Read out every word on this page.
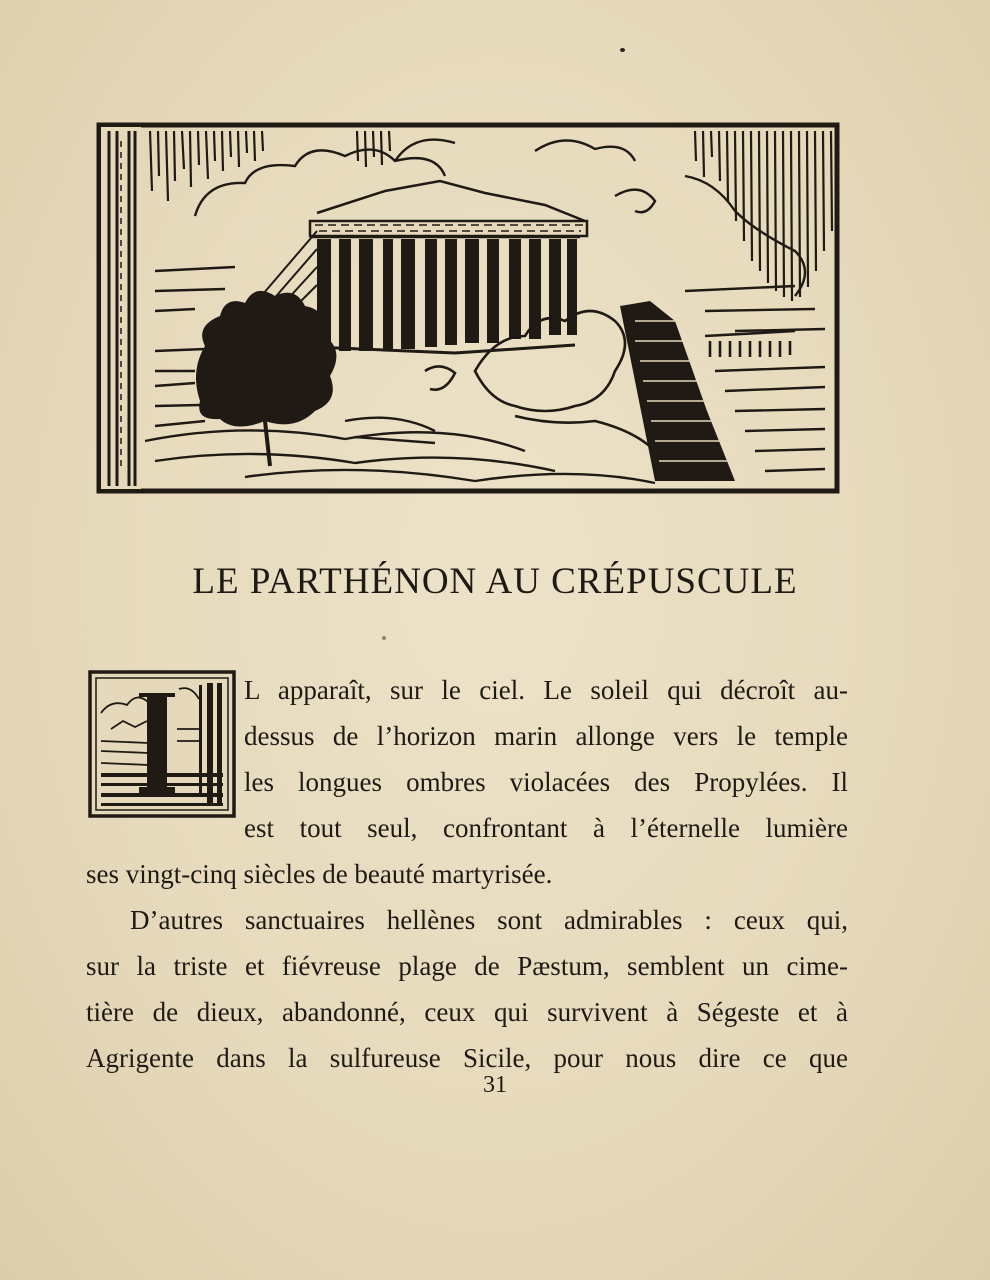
LE PARTHÉNON AU CRÉPUSCULE
L apparaît, sur le ciel. Le soleil qui décroît au-
dessus de l’horizon marin allonge vers le temple
les longues ombres violacées des Propylées. Il
est tout seul, confrontant à l’éternelle lumière
ses vingt-cinq siècles de beauté martyrisée.
D’autres sanctuaires hellènes sont admirables : ceux qui,
sur la triste et fiévreuse plage de Pæstum, semblent un cime-
tière de dieux, abandonné, ceux qui survivent à Ségeste et à
Agrigente dans la sulfureuse Sicile, pour nous dire ce que
31
